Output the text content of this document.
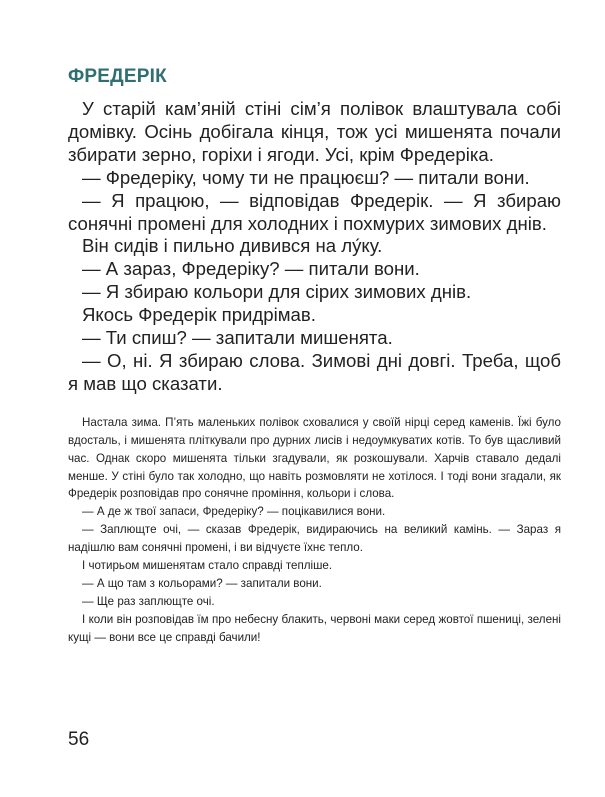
ФРЕДЕРІК

У старій кам’яній стіні сім’я полівок влаштувала собі домівку. Осінь добігала кінця, тож усі мишенята почали збирати зерно, горіхи і ягоди. Усі, крім Фредеріка.

— Фредеріку, чому ти не працюєш? — питали вони.

— Я працюю, — відповідав Фредерік. — Я збираю сонячні промені для холодних і похмурих зимових днів.

Він сидів і пильно дивився на лу́ку.

— А зараз, Фредеріку? — питали вони.

— Я збираю кольори для сірих зимових днів.

Якось Фредерік придрімав.

— Ти спиш? — запитали мишенята.

— О, ні. Я збираю слова. Зимові дні довгі. Треба, щоб я мав що сказати.

Настала зима. П’ять маленьких полівок сховалися у своїй нірці серед каменів. Їжі було вдосталь, і мишенята пліткували про дурних лисів і недоумкуватих котів. То був щасливий час. Однак скоро мишенята тільки згадували, як розкошували. Харчів ставало дедалі менше. У стіні було так холодно, що навіть розмовляти не хотілося. І тоді вони згадали, як Фредерік розповідав про сонячне проміння, кольори і слова.

— А де ж твої запаси, Фредеріку? — поцікавилися вони.

— Заплющте очі, — сказав Фредерік, видираючись на великий камінь. — Зараз я надішлю вам сонячні промені, і ви відчуєте їхнє тепло.

І чотирьом мишенятам стало справді тепліше.

— А що там з кольорами? — запитали вони.

— Ще раз заплющте очі.

І коли він розповідав їм про небесну блакить, червоні маки серед жовтої пшениці, зелені кущі — вони все це справді бачили!

56
